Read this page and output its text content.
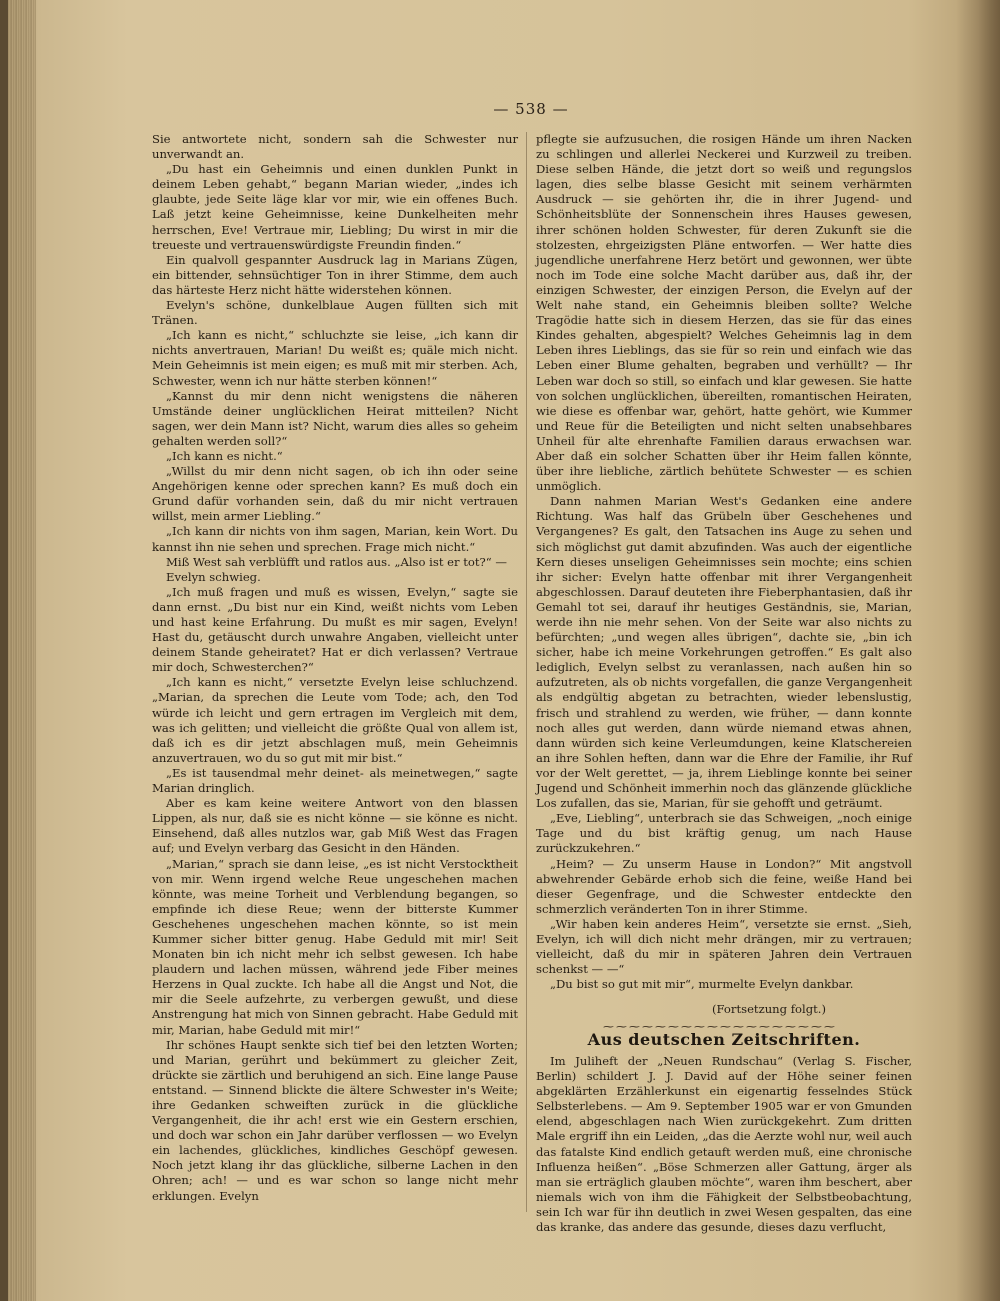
— 538 —

Sie antwortete nicht, sondern sah die Schwester nur unverwandt an.

„Du hast ein Geheimnis und einen dunklen Punkt in deinem Leben gehabt,“ begann Marian wieder, „indes ich glaubte, jede Seite läge klar vor mir, wie ein offenes Buch. Laß jetzt keine Geheimnisse, keine Dunkelheiten mehr herrschen, Eve! Vertraue mir, Liebling; Du wirst in mir die treueste und vertrauenswürdigste Freundin finden.“

Ein qualvoll gespannter Ausdruck lag in Marians Zügen, ein bittender, sehnsüchtiger Ton in ihrer Stimme, dem auch das härteste Herz nicht hätte widerstehen können.

Evelyn's schöne, dunkelblaue Augen füllten sich mit Tränen.

„Ich kann es nicht,“ schluchzte sie leise, „ich kann dir nichts anvertrauen, Marian! Du weißt es; quäle mich nicht. Mein Geheimnis ist mein eigen; es muß mit mir sterben. Ach, Schwester, wenn ich nur hätte sterben können!“

„Kannst du mir denn nicht wenigstens die näheren Umstände deiner unglücklichen Heirat mitteilen? Nicht sagen, wer dein Mann ist? Nicht, warum dies alles so geheim gehalten werden soll?“

„Ich kann es nicht.“

„Willst du mir denn nicht sagen, ob ich ihn oder seine Angehörigen kenne oder sprechen kann? Es muß doch ein Grund dafür vorhanden sein, daß du mir nicht vertrauen willst, mein armer Liebling.“

„Ich kann dir nichts von ihm sagen, Marian, kein Wort. Du kannst ihn nie sehen und sprechen. Frage mich nicht.“

Miß West sah verblüfft und ratlos aus. „Also ist er tot?“ —

Evelyn schwieg.

„Ich muß fragen und muß es wissen, Evelyn,“ sagte sie dann ernst. „Du bist nur ein Kind, weißt nichts vom Leben und hast keine Erfahrung. Du mußt es mir sagen, Evelyn! Hast du, getäuscht durch unwahre Angaben, vielleicht unter deinem Stande geheiratet? Hat er dich verlassen? Vertraue mir doch, Schwesterchen?“

„Ich kann es nicht,“ versetzte Evelyn leise schluchzend. „Marian, da sprechen die Leute vom Tode; ach, den Tod würde ich leicht und gern ertragen im Vergleich mit dem, was ich gelitten; und vielleicht die größte Qual von allem ist, daß ich es dir jetzt abschlagen muß, mein Geheimnis anzuvertrauen, wo du so gut mit mir bist.“

„Es ist tausendmal mehr deinet- als meinetwegen,“ sagte Marian dringlich.

Aber es kam keine weitere Antwort von den blassen Lippen, als nur, daß sie es nicht könne — sie könne es nicht. Einsehend, daß alles nutzlos war, gab Miß West das Fragen auf; und Evelyn verbarg das Gesicht in den Händen.

„Marian,“ sprach sie dann leise, „es ist nicht Verstocktheit von mir. Wenn irgend welche Reue ungeschehen machen könnte, was meine Torheit und Verblendung begangen, so empfinde ich diese Reue; wenn der bitterste Kummer Geschehenes ungeschehen machen könnte, so ist mein Kummer sicher bitter genug. Habe Geduld mit mir! Seit Monaten bin ich nicht mehr ich selbst gewesen. Ich habe plaudern und lachen müssen, während jede Fiber meines Herzens in Qual zuckte. Ich habe all die Angst und Not, die mir die Seele aufzehrte, zu verbergen gewußt, und diese Anstrengung hat mich von Sinnen gebracht. Habe Geduld mit mir, Marian, habe Geduld mit mir!“

Ihr schönes Haupt senkte sich tief bei den letzten Worten; und Marian, gerührt und bekümmert zu gleicher Zeit, drückte sie zärtlich und beruhigend an sich. Eine lange Pause entstand. — Sinnend blickte die ältere Schwester in's Weite; ihre Gedanken schweiften zurück in die glückliche Vergangenheit, die ihr ach! erst wie ein Gestern erschien, und doch war schon ein Jahr darüber verflossen — wo Evelyn ein lachendes, glückliches, kindliches Geschöpf gewesen. Noch jetzt klang ihr das glückliche, silberne Lachen in den Ohren; ach! — und es war schon so lange nicht mehr erklungen. Evelyn

pflegte sie aufzusuchen, die rosigen Hände um ihren Nacken zu schlingen und allerlei Neckerei und Kurzweil zu treiben. Diese selben Hände, die jetzt dort so weiß und regungslos lagen, dies selbe blasse Gesicht mit seinem verhärmten Ausdruck — sie gehörten ihr, die in ihrer Jugend- und Schönheitsblüte der Sonnenschein ihres Hauses gewesen, ihrer schönen holden Schwester, für deren Zukunft sie die stolzesten, ehrgeizigsten Pläne entworfen. — Wer hatte dies jugendliche unerfahrene Herz betört und gewonnen, wer übte noch im Tode eine solche Macht darüber aus, daß ihr, der einzigen Schwester, der einzigen Person, die Evelyn auf der Welt nahe stand, ein Geheimnis bleiben sollte? Welche Tragödie hatte sich in diesem Herzen, das sie für das eines Kindes gehalten, abgespielt? Welches Geheimnis lag in dem Leben ihres Lieblings, das sie für so rein und einfach wie das Leben einer Blume gehalten, begraben und verhüllt? — Ihr Leben war doch so still, so einfach und klar gewesen. Sie hatte von solchen unglücklichen, übereilten, romantischen Heiraten, wie diese es offenbar war, gehört, hatte gehört, wie Kummer und Reue für die Beteiligten und nicht selten unabsehbares Unheil für alte ehrenhafte Familien daraus erwachsen war. Aber daß ein solcher Schatten über ihr Heim fallen könnte, über ihre liebliche, zärtlich behütete Schwester — es schien unmöglich.

Dann nahmen Marian West's Gedanken eine andere Richtung. Was half das Grübeln über Geschehenes und Vergangenes? Es galt, den Tatsachen ins Auge zu sehen und sich möglichst gut damit abzufinden. Was auch der eigentliche Kern dieses unseligen Geheimnisses sein mochte; eins schien ihr sicher: Evelyn hatte offenbar mit ihrer Vergangenheit abgeschlossen. Darauf deuteten ihre Fieberphantasien, daß ihr Gemahl tot sei, darauf ihr heutiges Geständnis, sie, Marian, werde ihn nie mehr sehen. Von der Seite war also nichts zu befürchten; „und wegen alles übrigen“, dachte sie, „bin ich sicher, habe ich meine Vorkehrungen getroffen.“ Es galt also lediglich, Evelyn selbst zu veranlassen, nach außen hin so aufzutreten, als ob nichts vorgefallen, die ganze Vergangenheit als endgültig abgetan zu betrachten, wieder lebenslustig, frisch und strahlend zu werden, wie früher, — dann konnte noch alles gut werden, dann würde niemand etwas ahnen, dann würden sich keine Verleumdungen, keine Klatschereien an ihre Sohlen heften, dann war die Ehre der Familie, ihr Ruf vor der Welt gerettet, — ja, ihrem Lieblinge konnte bei seiner Jugend und Schönheit immerhin noch das glänzende glückliche Los zufallen, das sie, Marian, für sie gehofft und geträumt.

„Eve, Liebling“, unterbrach sie das Schweigen, „noch einige Tage und du bist kräftig genug, um nach Hause zurückzukehren.“

„Heim? — Zu unserm Hause in London?“ Mit angstvoll abwehrender Gebärde erhob sich die feine, weiße Hand bei dieser Gegenfrage, und die Schwester entdeckte den schmerzlich veränderten Ton in ihrer Stimme.

„Wir haben kein anderes Heim“, versetzte sie ernst. „Sieh, Evelyn, ich will dich nicht mehr drängen, mir zu vertrauen; vielleicht, daß du mir in späteren Jahren dein Vertrauen schenkst — —“

„Du bist so gut mit mir“, murmelte Evelyn dankbar.

(Fortsetzung folgt.)
⁓⁓⁓⁓⁓⁓⁓⁓⁓⁓⁓⁓⁓⁓⁓⁓⁓⁓
Aus deutschen Zeitschriften.

Im Juliheft der „Neuen Rundschau“ (Verlag S. Fischer, Berlin) schildert J. J. David auf der Höhe seiner feinen abgeklärten Erzählerkunst ein eigenartig fesselndes Stück Selbsterlebens. — Am 9. September 1905 war er von Gmunden elend, abgeschlagen nach Wien zurückgekehrt. Zum dritten Male ergriff ihn ein Leiden, „das die Aerzte wohl nur, weil auch das fatalste Kind endlich getauft werden muß, eine chronische Influenza heißen“. „Böse Schmerzen aller Gattung, ärger als man sie erträglich glauben möchte“, waren ihm beschert, aber niemals wich von ihm die Fähigkeit der Selbstbeobachtung, sein Ich war für ihn deutlich in zwei Wesen gespalten, das eine das kranke, das andere das gesunde, dieses dazu verflucht,
